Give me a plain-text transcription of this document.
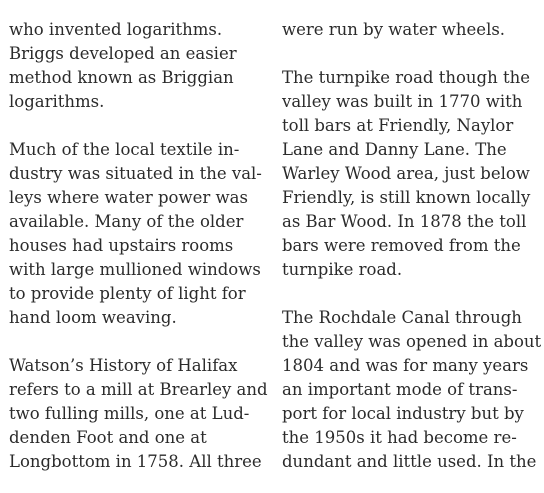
who invented logarithms.
Briggs developed an easier
method known as Briggian
logarithms.

Much of the local textile in-
dustry was situated in the val-
leys where water power was
available. Many of the older
houses had upstairs rooms
with large mullioned windows
to provide plenty of light for
hand loom weaving.

Watson’s History of Halifax
refers to a mill at Brearley and
two fulling mills, one at Lud-
denden Foot and one at
Longbottom in 1758. All three

were run by water wheels.

The turnpike road though the
valley was built in 1770 with
toll bars at Friendly, Naylor
Lane and Danny Lane. The
Warley Wood area, just below
Friendly, is still known locally
as Bar Wood. In 1878 the toll
bars were removed from the
turnpike road.

The Rochdale Canal through
the valley was opened in about
1804 and was for many years
an important mode of trans-
port for local industry but by
the 1950s it had become re-
dundant and little used. In the
